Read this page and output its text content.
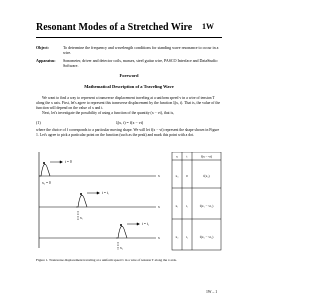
Resonant Modes of a Stretched Wire 1W
Object:	To determine the frequency and wavelength conditions for standing wave resonance to occur in a wire.
Apparatus: Sonometer, driver and detector coils, masses, steel guitar wire, PASCO Interface and DataStudio Software.
Foreword
Mathematical Description of a Traveling Wave
We want to find a way to represent a transverse displacement traveling at a uniform speed v in a wire of tension T along the x axis. First, let's agree to represent this transverse displacement by the function ξ(x, t). That is, the value of the function will depend on the value of x and t.
Next, let's investigate the possibility of using a function of the quantity (x − vt), that is,
(1)	ξ(x, t) = f(x − vt)
where the choice of f corresponds to a particular moving shape. We will let f(x − vt) represent the shape shown in Figure 1. Let's agree to pick a particular point on the function (such as the peak) and mark this point with a dot.
t = 0
x₀ = 0
t = t₁
t = t₂
x₁
x₂
x
x
x
x	t	f(x − vt)
x₀ 0	f(x₀)
x₁ t₁	f(x₁ − vt₁)
x₂ t₂	f(x₂ − vt₂)
Figure 1. Transverse displacement traveling at a uniform speed v in a wire of tension T along the x axis.
1W – 1
